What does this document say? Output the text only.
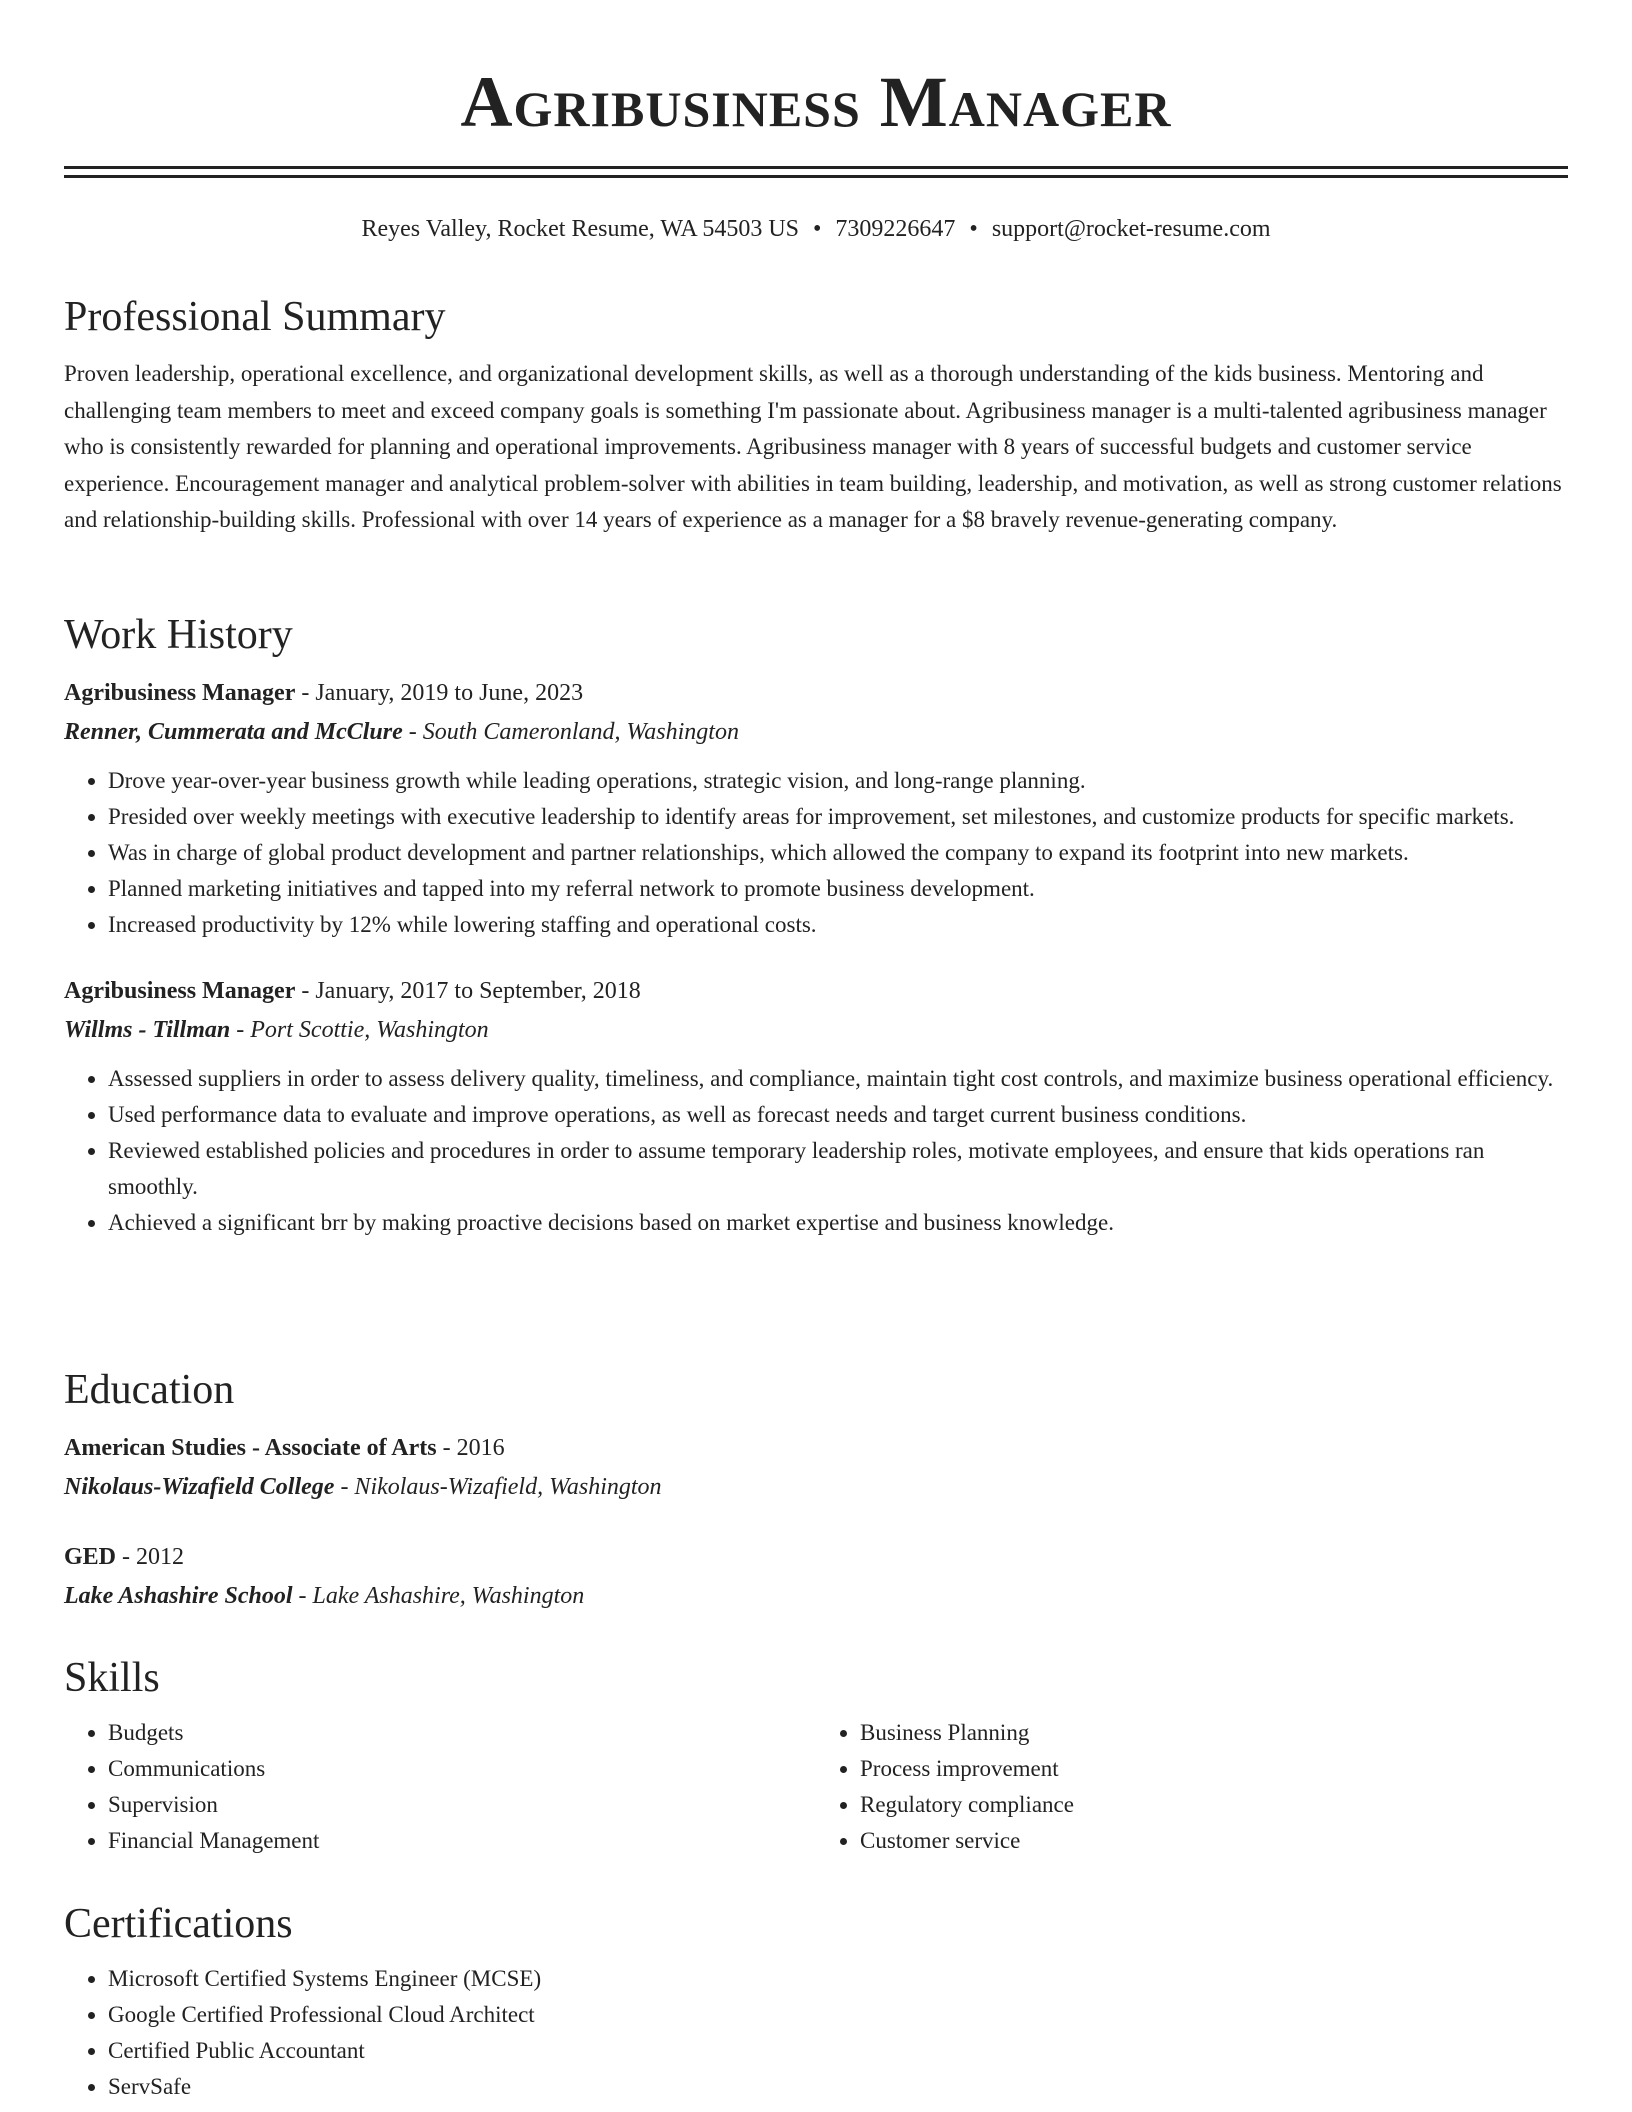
Agribusiness Manager
Reyes Valley, Rocket Resume, WA 54503 US • 7309226647 • support@rocket-resume.com
Professional Summary

Proven leadership, operational excellence, and organizational development skills, as well as a thorough understanding of the kids business. Mentoring and challenging team members to meet and exceed company goals is something I'm passionate about. Agribusiness manager is a multi-talented agribusiness manager who is consistently rewarded for planning and operational improvements. Agribusiness manager with 8 years of successful budgets and customer service experience. Encouragement manager and analytical problem-solver with abilities in team building, leadership, and motivation, as well as strong customer relations and relationship-building skills. Professional with over 14 years of experience as a manager for a $8 bravely revenue-generating company.

Work History
Agribusiness Manager - January, 2019 to June, 2023
Renner, Cummerata and McClure - South Cameronland, Washington
• Drove year-over-year business growth while leading operations, strategic vision, and long-range planning.
• Presided over weekly meetings with executive leadership to identify areas for improvement, set milestones, and customize products for specific markets.
• Was in charge of global product development and partner relationships, which allowed the company to expand its footprint into new markets.
• Planned marketing initiatives and tapped into my referral network to promote business development.
• Increased productivity by 12% while lowering staffing and operational costs.
Agribusiness Manager - January, 2017 to September, 2018
Willms - Tillman - Port Scottie, Washington
• Assessed suppliers in order to assess delivery quality, timeliness, and compliance, maintain tight cost controls, and maximize business operational efficiency.
• Used performance data to evaluate and improve operations, as well as forecast needs and target current business conditions.
• Reviewed established policies and procedures in order to assume temporary leadership roles, motivate employees, and ensure that kids operations ran smoothly.
• Achieved a significant brr by making proactive decisions based on market expertise and business knowledge.
Education
American Studies - Associate of Arts - 2016
Nikolaus-Wizafield College - Nikolaus-Wizafield, Washington
GED - 2012
Lake Ashashire School - Lake Ashashire, Washington
Skills
• Budgets
• Communications
• Supervision
• Financial Management
• Business Planning
• Process improvement
• Regulatory compliance
• Customer service
Certifications
• Microsoft Certified Systems Engineer (MCSE)
• Google Certified Professional Cloud Architect
• Certified Public Accountant
• ServSafe
